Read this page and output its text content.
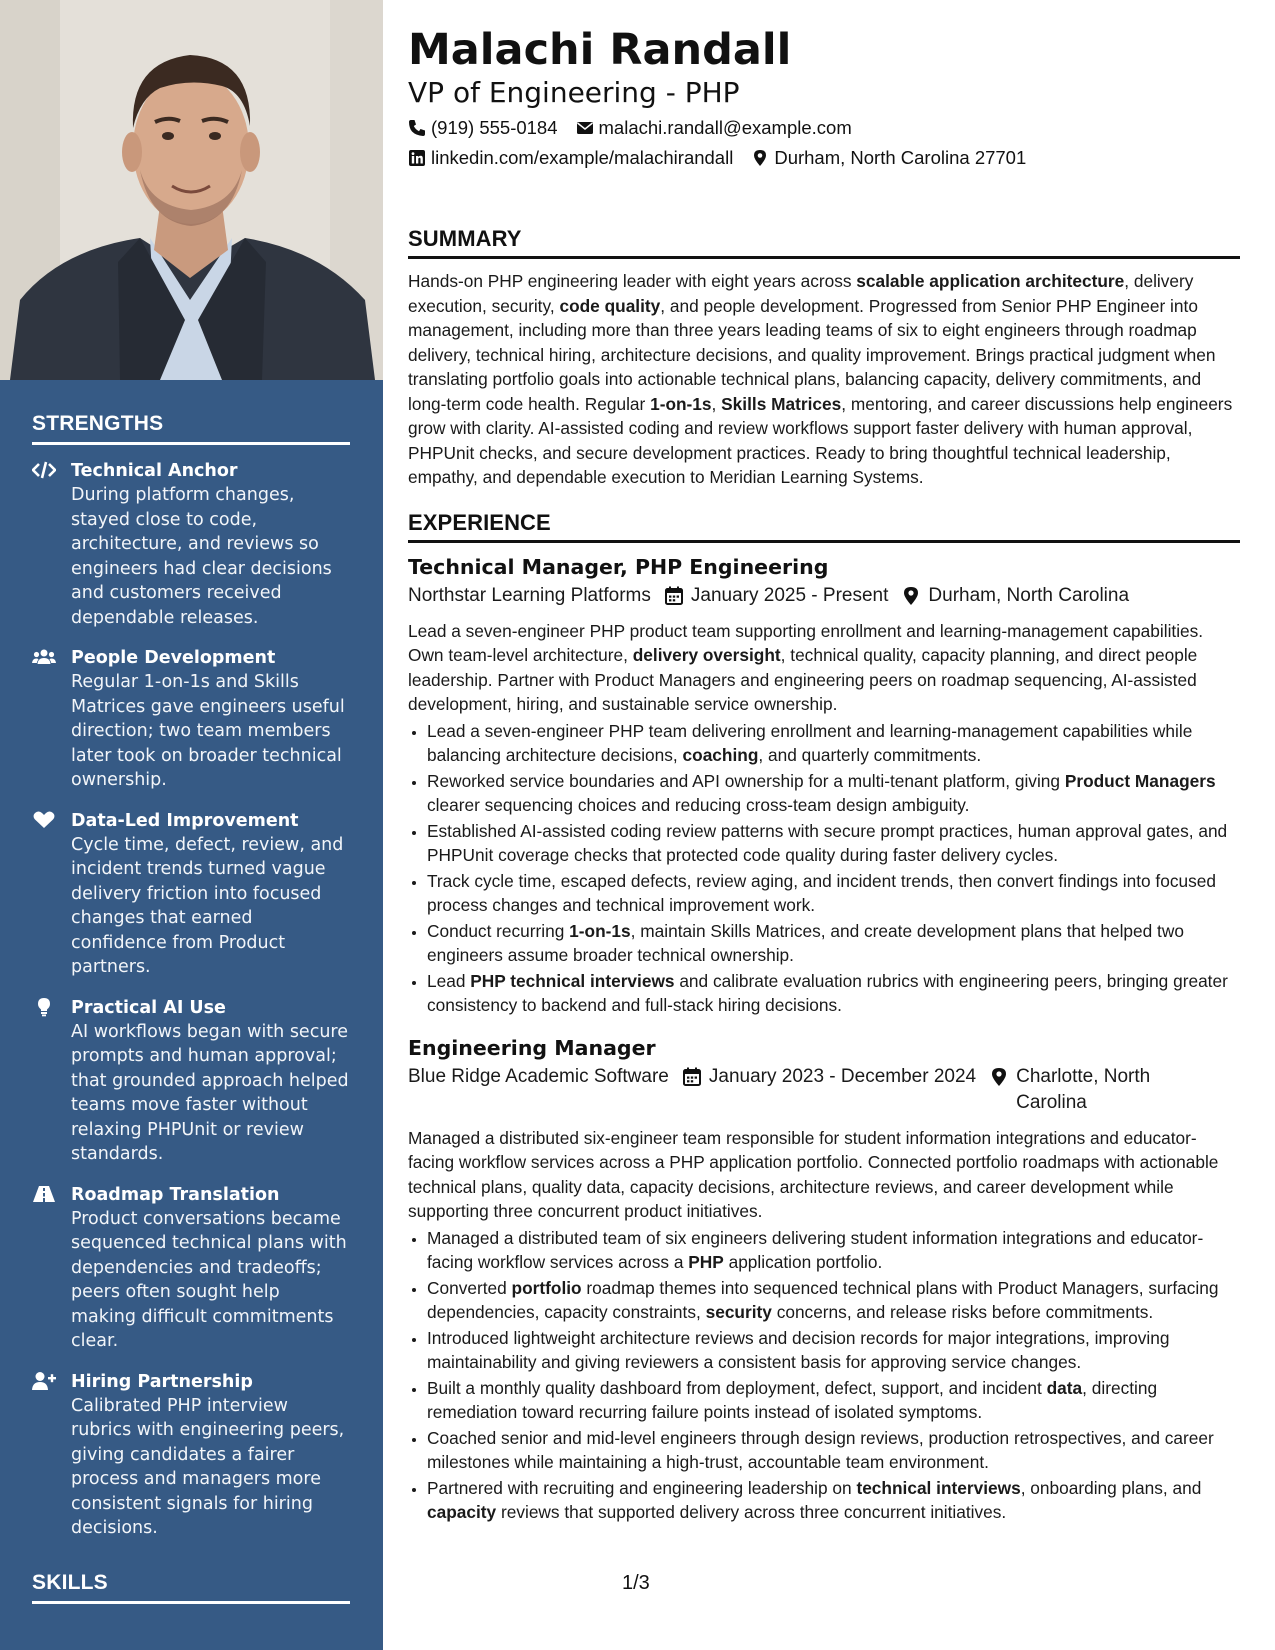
STRENGTHS
Technical Anchor
During platform changes, stayed close to code, architecture, and reviews so engineers had clear decisions and customers received dependable releases.
People Development
Regular 1-on-1s and Skills Matrices gave engineers useful direction; two team members later took on broader technical ownership.
Data-Led Improvement
Cycle time, defect, review, and incident trends turned vague delivery friction into focused changes that earned confidence from Product partners.
Practical AI Use
AI workflows began with secure prompts and human approval; that grounded approach helped teams move faster without relaxing PHPUnit or review standards.
Roadmap Translation
Product conversations became sequenced technical plans with dependencies and tradeoffs; peers often sought help making difficult commitments clear.
Hiring Partnership
Calibrated PHP interview rubrics with engineering peers, giving candidates a fairer process and managers more consistent signals for hiring decisions.
SKILLS
Malachi Randall
VP of Engineering - PHP
(919) 555-0184 malachi.randall@example.com
linkedin.com/example/malachirandall Durham, North Carolina 27701
SUMMARY
Hands-on PHP engineering leader with eight years across scalable application architecture, delivery execution, security, code quality, and people development. Progressed from Senior PHP Engineer into management, including more than three years leading teams of six to eight engineers through roadmap delivery, technical hiring, architecture decisions, and quality improvement. Brings practical judgment when translating portfolio goals into actionable technical plans, balancing capacity, delivery commitments, and long-term code health. Regular 1-on-1s, Skills Matrices, mentoring, and career discussions help engineers grow with clarity. AI-assisted coding and review workflows support faster delivery with human approval, PHPUnit checks, and secure development practices. Ready to bring thoughtful technical leadership, empathy, and dependable execution to Meridian Learning Systems.
EXPERIENCE
Technical Manager, PHP Engineering
Northstar Learning Platforms January 2025 - Present Durham, North Carolina
Lead a seven-engineer PHP product team supporting enrollment and learning-management capabilities. Own team-level architecture, delivery oversight, technical quality, capacity planning, and direct people leadership. Partner with Product Managers and engineering peers on roadmap sequencing, AI-assisted development, hiring, and sustainable service ownership.
• Lead a seven-engineer PHP team delivering enrollment and learning-management capabilities while balancing architecture decisions, coaching, and quarterly commitments.
• Reworked service boundaries and API ownership for a multi-tenant platform, giving Product Managers clearer sequencing choices and reducing cross-team design ambiguity.
• Established AI-assisted coding review patterns with secure prompt practices, human approval gates, and PHPUnit coverage checks that protected code quality during faster delivery cycles.
• Track cycle time, escaped defects, review aging, and incident trends, then convert findings into focused process changes and technical improvement work.
• Conduct recurring 1-on-1s, maintain Skills Matrices, and create development plans that helped two engineers assume broader technical ownership.
• Lead PHP technical interviews and calibrate evaluation rubrics with engineering peers, bringing greater consistency to backend and full-stack hiring decisions.
Engineering Manager
Blue Ridge Academic Software January 2023 - December 2024 Charlotte, North Carolina
Managed a distributed six-engineer team responsible for student information integrations and educator-facing workflow services across a PHP application portfolio. Connected portfolio roadmaps with actionable technical plans, quality data, capacity decisions, architecture reviews, and career development while supporting three concurrent product initiatives.
• Managed a distributed team of six engineers delivering student information integrations and educator-facing workflow services across a PHP application portfolio.
• Converted portfolio roadmap themes into sequenced technical plans with Product Managers, surfacing dependencies, capacity constraints, security concerns, and release risks before commitments.
• Introduced lightweight architecture reviews and decision records for major integrations, improving maintainability and giving reviewers a consistent basis for approving service changes.
• Built a monthly quality dashboard from deployment, defect, support, and incident data, directing remediation toward recurring failure points instead of isolated symptoms.
• Coached senior and mid-level engineers through design reviews, production retrospectives, and career milestones while maintaining a high-trust, accountable team environment.
• Partnered with recruiting and engineering leadership on technical interviews, onboarding plans, and capacity reviews that supported delivery across three concurrent initiatives.
1/3
